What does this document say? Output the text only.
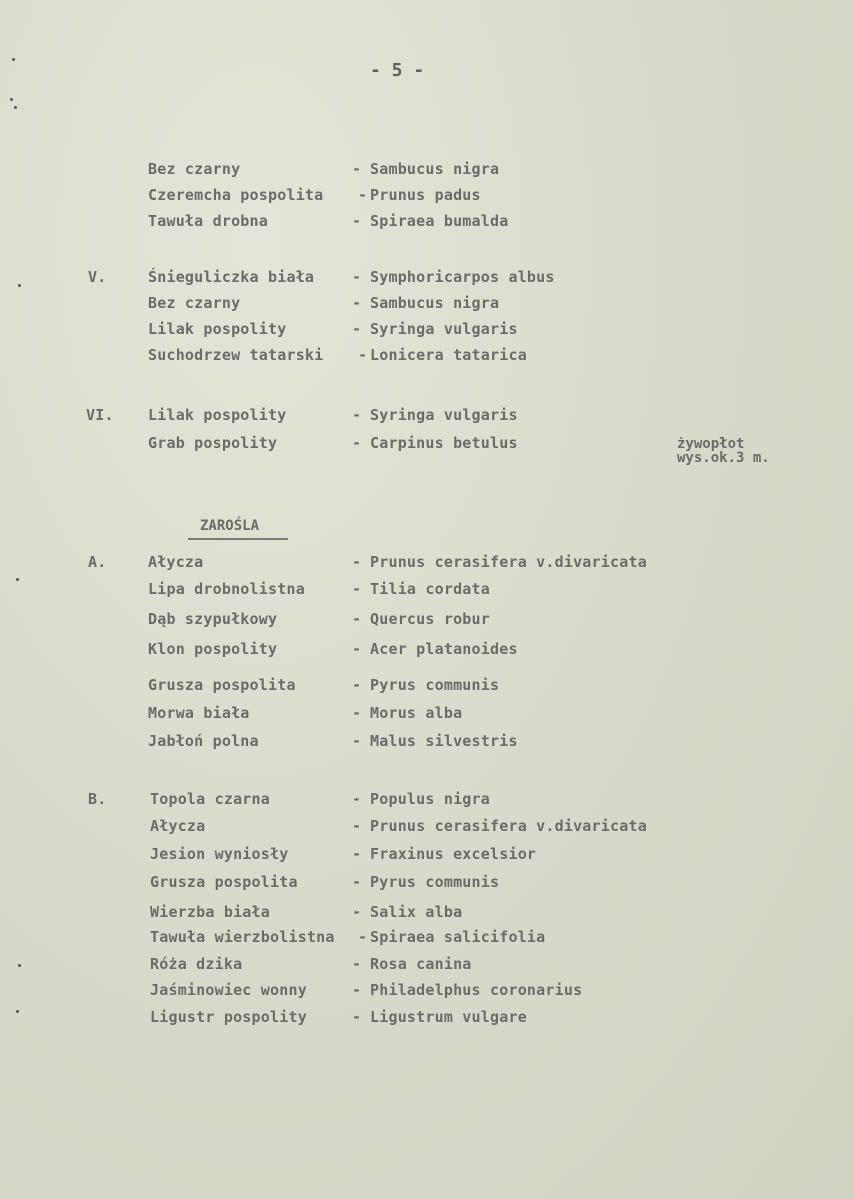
- 5 -
Bez czarny	- Sambucus nigra
Czeremcha pospolita - Prunus padus
Tawuła drobna	- Spiraea bumalda
V.	Śnieguliczka biała	- Symphoricarpos albus
Bez czarny	- Sambucus nigra
Lilak pospolity	- Syringa vulgaris
Suchodrzew tatarski - Lonicera tatarica
VI. Lilak pospolity	- Syringa vulgaris
Grab pospolity	- Carpinus betulus	żywopłot
wys.ok.3 m.
ZAROŚLA
A.	Ałycza	- Prunus cerasifera v.divaricata
Lipa drobnolistna	- Tilia cordata
Dąb szypułkowy	- Quercus robur
Klon pospolity	- Acer platanoides
Grusza pospolita	- Pyrus communis
Morwa biała	- Morus alba
Jabłoń polna	- Malus silvestris
B.	Topola czarna	- Populus nigra
Ałycza	- Prunus cerasifera v.divaricata
Jesion wyniosły	- Fraxinus excelsior
Grusza pospolita	- Pyrus communis
Wierzba biała	- Salix alba
Tawuła wierzbolistna - Spiraea salicifolia
Róża dzika	- Rosa canina
Jaśminowiec wonny	- Philadelphus coronarius
Ligustr pospolity	- Ligustrum vulgare
